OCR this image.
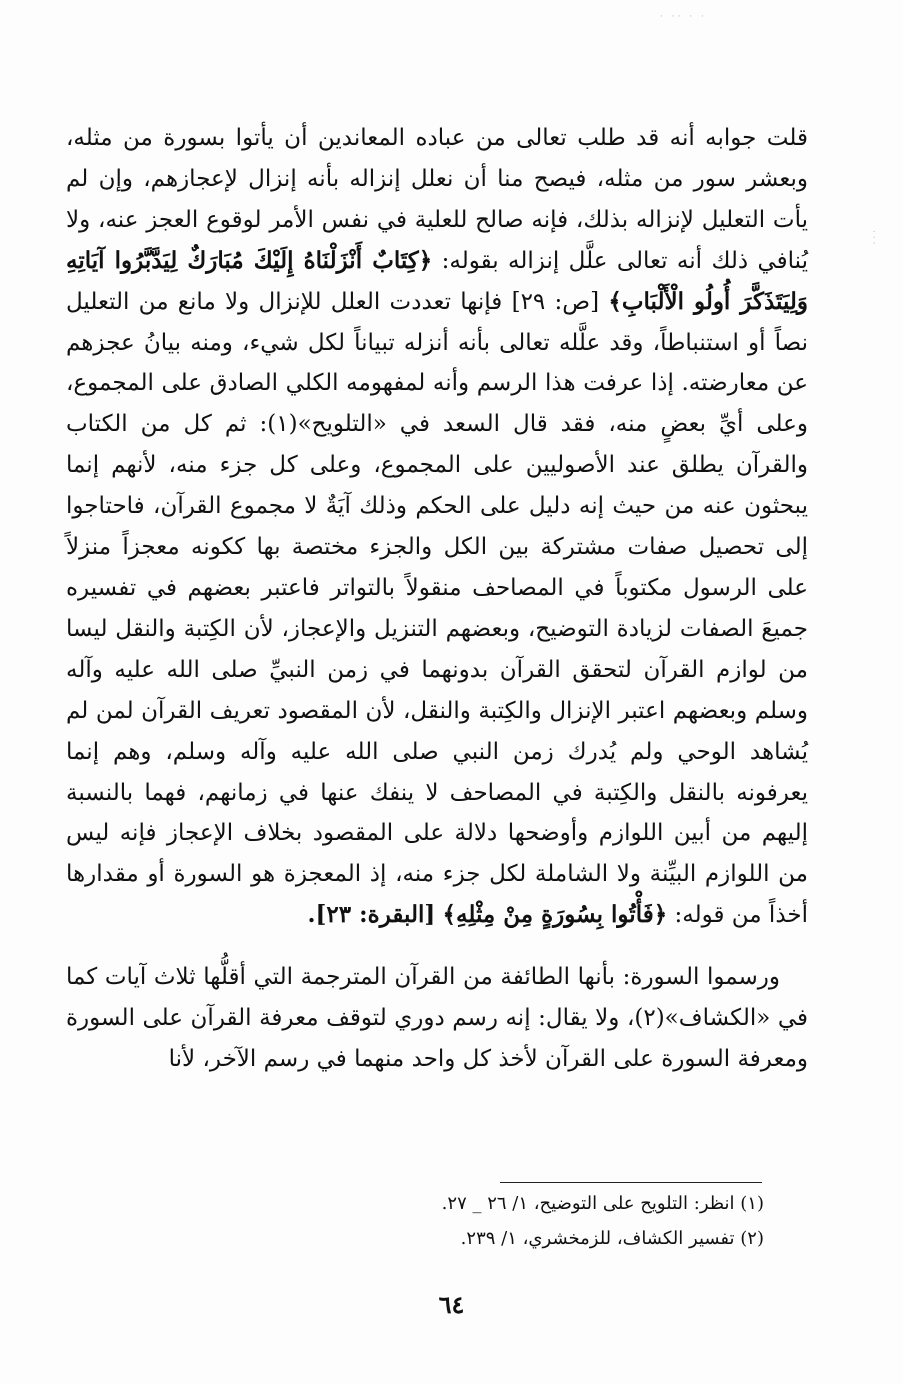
· ·· · ·
· · ·

قلت جوابه أنه قد طلب تعالى من عباده المعاندين أن يأتوا بسورة من مثله، وبعشر سور من مثله، فيصح منا أن نعلل إنزاله بأنه إنزال لإعجازهم، وإن لم يأت التعليل لإنزاله بذلك، فإنه صالح للعلية في نفس الأمر لوقوع العجز عنه، ولا يُنافي ذلك أنه تعالى علَّل إنزاله بقوله: ﴿كِتَابٌ أَنْزَلْنَاهُ إِلَيْكَ مُبَارَكٌ لِيَدَّبَّرُوا آيَاتِهِ وَلِيَتَذَكَّرَ أُولُو الْأَلْبَابِ﴾ [ص: ٢٩] فإنها تعددت العلل للإنزال ولا مانع من التعليل نصاً أو استنباطاً، وقد علَّله تعالى بأنه أنزله تبياناً لكل شيء، ومنه بيانُ عجزهم عن معارضته. إذا عرفت هذا الرسم وأنه لمفهومه الكلي الصادق على المجموع، وعلى أيِّ بعضٍ منه، فقد قال السعد في «التلويح»(١): ثم كل من الكتاب والقرآن يطلق عند الأصوليين على المجموع، وعلى كل جزء منه، لأنهم إنما يبحثون عنه من حيث إنه دليل على الحكم وذلك آيَةٌ لا مجموع القرآن، فاحتاجوا إلى تحصيل صفات مشتركة بين الكل والجزء مختصة بها ككونه معجزاً منزلاً على الرسول مكتوباً في المصاحف منقولاً بالتواتر فاعتبر بعضهم في تفسيره جميعَ الصفات لزيادة التوضيح، وبعضهم التنزيل والإعجاز، لأن الكِتبة والنقل ليسا من لوازم القرآن لتحقق القرآن بدونهما في زمن النبيِّ صلى الله عليه وآله وسلم وبعضهم اعتبر الإنزال والكِتبة والنقل، لأن المقصود تعريف القرآن لمن لم يُشاهد الوحي ولم يُدرك زمن النبي صلى الله عليه وآله وسلم، وهم إنما يعرفونه بالنقل والكِتبة في المصاحف لا ينفك عنها في زمانهم، فهما بالنسبة إليهم من أبين اللوازم وأوضحها دلالة على المقصود بخلاف الإعجاز فإنه ليس من اللوازم البيِّنة ولا الشاملة لكل جزء منه، إذ المعجزة هو السورة أو مقدارها أخذاً من قوله: ﴿فَأْتُوا بِسُورَةٍ مِنْ مِثْلِهِ﴾ [البقرة: ٢٣].

ورسموا السورة: بأنها الطائفة من القرآن المترجمة التي أقلُّها ثلاث آيات كما في «الكشاف»(٢)، ولا يقال: إنه رسم دوري لتوقف معرفة القرآن على السورة ومعرفة السورة على القرآن لأخذ كل واحد منهما في رسم الآخر، لأنا

(١) انظر: التلويح على التوضيح، ١/ ٢٦ _ ٢٧.
(٢) تفسير الكشاف، للزمخشري، ١/ ٢٣٩.
٦٤
